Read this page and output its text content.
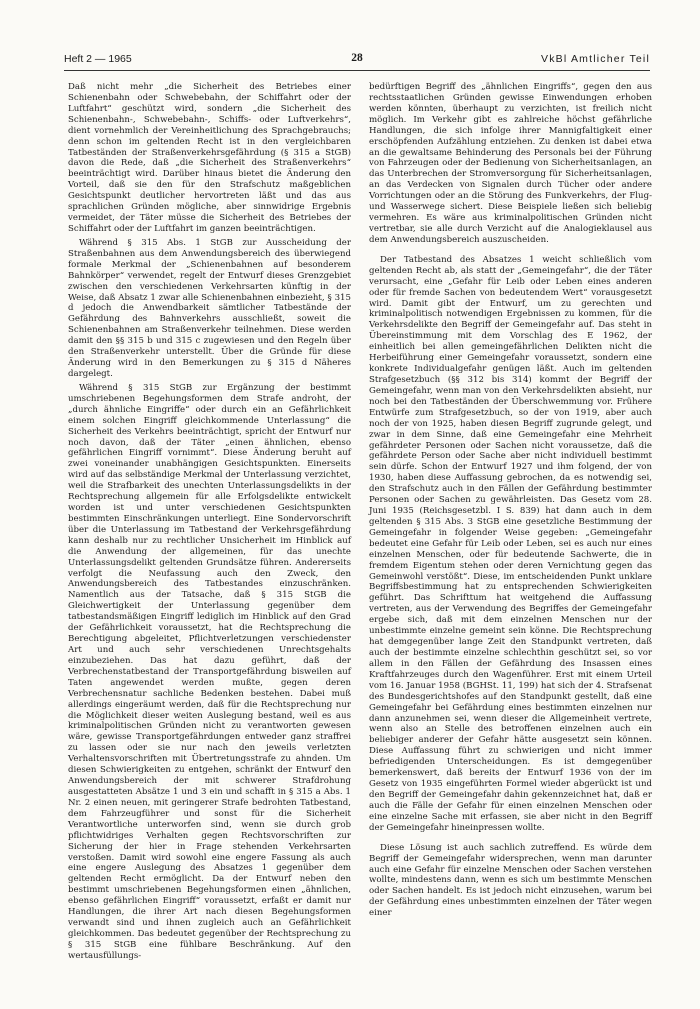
Heft 2 — 1965	28	VkBl Amtlicher Teil

Daß nicht mehr „die Sicherheit des Betriebes einer Schienenbahn oder Schwebebahn, der Schiffahrt oder der Luftfahrt“ geschützt wird, sondern „die Sicherheit des Schienenbahn-, Schwebebahn-, Schiffs- oder Luftverkehrs“, dient vornehmlich der Vereinheitlichung des Sprachgebrauchs; denn schon im geltenden Recht ist in den vergleichbaren Tatbeständen der Straßenverkehrsgefährdung (§ 315 a StGB) davon die Rede, daß „die Sicherheit des Straßenverkehrs“ beeinträchtigt wird. Darüber hinaus bietet die Änderung den Vorteil, daß sie den für den Strafschutz maßgeblichen Gesichtspunkt deutlicher hervortreten läßt und das aus sprachlichen Gründen mögliche, aber sinnwidrige Ergebnis vermeidet, der Täter müsse die Sicherheit des Betriebes der Schiffahrt oder der Luftfahrt im ganzen beeinträchtigen.

Während § 315 Abs. 1 StGB zur Ausscheidung der Straßenbahnen aus dem Anwendungsbereich des überwiegend formale Merkmal der „Schienenbahnen auf besonderem Bahnkörper“ verwendet, regelt der Entwurf dieses Grenzgebiet zwischen den verschiedenen Verkehrsarten künftig in der Weise, daß Absatz 1 zwar alle Schienenbahnen einbezieht, § 315 d jedoch die Anwendbarkeit sämtlicher Tatbestände der Gefährdung des Bahnverkehrs ausschließt, soweit die Schienenbahnen am Straßenverkehr teilnehmen. Diese werden damit den §§ 315 b und 315 c zugewiesen und den Regeln über den Straßenverkehr unterstellt. Über die Gründe für diese Änderung wird in den Bemerkungen zu § 315 d Näheres dargelegt.

Während § 315 StGB zur Ergänzung der bestimmt umschriebenen Begehungsformen dem Strafe androht, der „durch ähnliche Eingriffe“ oder durch ein an Gefährlichkeit einem solchen Eingriff gleichkommende Unterlassung“ die Sicherheit des Verkehrs beeinträchtigt, spricht der Entwurf nur noch davon, daß der Täter „einen ähnlichen, ebenso gefährlichen Eingriff vornimmt“. Diese Änderung beruht auf zwei voneinander unabhängigen Gesichtspunkten. Einerseits wird auf das selbständige Merkmal der Unterlassung verzichtet, weil die Strafbarkeit des unechten Unterlassungsdelikts in der Rechtsprechung allgemein für alle Erfolgsdelikte entwickelt worden ist und unter verschiedenen Gesichtspunkten bestimmten Einschränkungen unterliegt. Eine Sondervorschrift über die Unterlassung im Tatbestand der Verkehrsgefährdung kann deshalb nur zu rechtlicher Unsicherheit im Hinblick auf die Anwendung der allgemeinen, für das unechte Unterlassungsdelikt geltenden Grundsätze führen. Andererseits verfolgt die Neufassung auch den Zweck, den Anwendungsbereich des Tatbestandes einzuschränken. Namentlich aus der Tatsache, daß § 315 StGB die Gleichwertigkeit der Unterlassung gegenüber dem tatbestandsmäßigen Eingriff lediglich im Hinblick auf den Grad der Gefährlichkeit voraussetzt, hat die Rechtsprechung die Berechtigung abgeleitet, Pflichtverletzungen verschiedenster Art und auch sehr verschiedenen Unrechtsgehalts einzubeziehen. Das hat dazu geführt, daß der Verbrechenstatbestand der Transportgefährdung bisweilen auf Taten angewendet werden mußte, gegen deren Verbrechensnatur sachliche Bedenken bestehen. Dabei muß allerdings eingeräumt werden, daß für die Rechtsprechung nur die Möglichkeit dieser weiten Auslegung bestand, weil es aus kriminalpolitischen Gründen nicht zu verantworten gewesen wäre, gewisse Transportgefährdungen entweder ganz straffrei zu lassen oder sie nur nach den jeweils verletzten Verhaltensvorschriften mit Übertretungsstrafe zu ahnden. Um diesen Schwierigkeiten zu entgehen, schränkt der Entwurf den Anwendungsbereich der mit schwerer Strafdrohung ausgestatteten Absätze 1 und 3 ein und schafft in § 315 a Abs. 1 Nr. 2 einen neuen, mit geringerer Strafe bedrohten Tatbestand, dem Fahrzeugführer und sonst für die Sicherheit Verantwortliche unterworfen sind, wenn sie durch grob pflichtwidriges Verhalten gegen Rechtsvorschriften zur Sicherung der hier in Frage stehenden Verkehrsarten verstoßen. Damit wird sowohl eine engere Fassung als auch eine engere Auslegung des Absatzes 1 gegenüber dem geltenden Recht ermöglicht. Da der Entwurf neben den bestimmt umschriebenen Begehungsformen einen „ähnlichen, ebenso gefährlichen Eingriff“ voraussetzt, erfaßt er damit nur Handlungen, die ihrer Art nach diesen Begehungsformen verwandt sind und ihnen zugleich auch an Gefährlichkeit gleichkommen. Das bedeutet gegenüber der Rechtsprechung zu § 315 StGB eine fühlbare Beschränkung. Auf den wertausfüllungs-

bedürftigen Begriff des „ähnlichen Eingriffs“, gegen den aus rechtsstaatlichen Gründen gewisse Einwendungen erhoben werden könnten, überhaupt zu verzichten, ist freilich nicht möglich. Im Verkehr gibt es zahlreiche höchst gefährliche Handlungen, die sich infolge ihrer Mannigfaltigkeit einer erschöpfenden Aufzählung entziehen. Zu denken ist dabei etwa an die gewaltsame Behinderung des Personals bei der Führung von Fahrzeugen oder der Bedienung von Sicherheitsanlagen, an das Unterbrechen der Stromversorgung für Sicherheitsanlagen, an das Verdecken von Signalen durch Tücher oder andere Vorrichtungen oder an die Störung des Funkverkehrs, der Flug- und Wasserwege sichert. Diese Beispiele ließen sich beliebig vermehren. Es wäre aus kriminalpolitischen Gründen nicht vertretbar, sie alle durch Verzicht auf die Analogieklausel aus dem Anwendungsbereich auszuscheiden.

Der Tatbestand des Absatzes 1 weicht schließlich vom geltenden Recht ab, als statt der „Gemeingefahr“, die der Täter verursacht, eine „Gefahr für Leib oder Leben eines anderen oder für fremde Sachen von bedeutendem Wert“ vorausgesetzt wird. Damit gibt der Entwurf, um zu gerechten und kriminalpolitisch notwendigen Ergebnissen zu kommen, für die Verkehrsdelikte den Begriff der Gemeingefahr auf. Das steht in Übereinstimmung mit dem Vorschlag des E 1962, der einheitlich bei allen gemeingefährlichen Delikten nicht die Herbeiführung einer Gemeingefahr voraussetzt, sondern eine konkrete Individualgefahr genügen läßt. Auch im geltenden Strafgesetzbuch (§§ 312 bis 314) kommt der Begriff der Gemeingefahr, wenn man von den Verkehrsdelikten absieht, nur noch bei den Tatbeständen der Überschwemmung vor. Frühere Entwürfe zum Strafgesetzbuch, so der von 1919, aber auch noch der von 1925, haben diesen Begriff zugrunde gelegt, und zwar in dem Sinne, daß eine Gemeingefahr eine Mehrheit gefährdeter Personen oder Sachen nicht voraussetze, daß die gefährdete Person oder Sache aber nicht individuell bestimmt sein dürfe. Schon der Entwurf 1927 und ihm folgend, der von 1930, haben diese Auffassung gebrochen, da es notwendig sei, den Strafschutz auch in den Fällen der Gefährdung bestimmter Personen oder Sachen zu gewährleisten. Das Gesetz vom 28. Juni 1935 (Reichsgesetzbl. I S. 839) hat dann auch in dem geltenden § 315 Abs. 3 StGB eine gesetzliche Bestimmung der Gemeingefahr in folgender Weise gegeben: „Gemeingefahr bedeutet eine Gefahr für Leib oder Leben, sei es auch nur eines einzelnen Menschen, oder für bedeutende Sachwerte, die in fremdem Eigentum stehen oder deren Vernichtung gegen das Gemeinwohl verstößt“. Diese, im entscheidenden Punkt unklare Begriffsbestimmung hat zu entsprechenden Schwierigkeiten geführt. Das Schrifttum hat weitgehend die Auffassung vertreten, aus der Verwendung des Begriffes der Gemeingefahr ergebe sich, daß mit dem einzelnen Menschen nur der unbestimmte einzelne gemeint sein könne. Die Rechtsprechung hat demgegenüber lange Zeit den Standpunkt vertreten, daß auch der bestimmte einzelne schlechthin geschützt sei, so vor allem in den Fällen der Gefährdung des Insassen eines Kraftfahrzeuges durch den Wagenführer. Erst mit einem Urteil vom 16. Januar 1958 (BGHSt. 11, 199) hat sich der 4. Strafsenat des Bundesgerichtshofes auf den Standpunkt gestellt, daß eine Gemeingefahr bei Gefährdung eines bestimmten einzelnen nur dann anzunehmen sei, wenn dieser die Allgemeinheit vertrete, wenn also an Stelle des betroffenen einzelnen auch ein beliebiger anderer der Gefahr hätte ausgesetzt sein können. Diese Auffassung führt zu schwierigen und nicht immer befriedigenden Unterscheidungen. Es ist demgegenüber bemerkenswert, daß bereits der Entwurf 1936 von der im Gesetz von 1935 eingeführten Formel wieder abgerückt ist und den Begriff der Gemeingefahr dahin gekennzeichnet hat, daß er auch die Fälle der Gefahr für einen einzelnen Menschen oder eine einzelne Sache mit erfassen, sie aber nicht in den Begriff der Gemeingefahr hineinpressen wollte.

Diese Lösung ist auch sachlich zutreffend. Es würde dem Begriff der Gemeingefahr widersprechen, wenn man darunter auch eine Gefahr für einzelne Menschen oder Sachen verstehen wollte, mindestens dann, wenn es sich um bestimmte Menschen oder Sachen handelt. Es ist jedoch nicht einzusehen, warum bei der Gefährdung eines unbestimmten einzelnen der Täter wegen einer
